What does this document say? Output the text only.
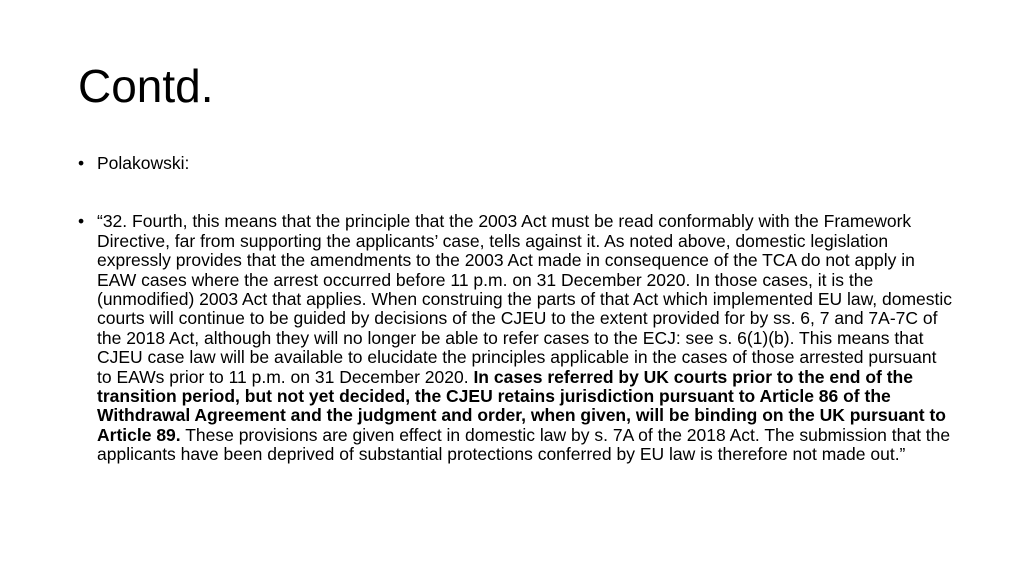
Contd.
• Polakowski:
• “32. Fourth, this means that the principle that the 2003 Act must be read conformably with the Framework Directive, far from supporting the applicants’ case, tells against it. As noted above, domestic legislation expressly provides that the amendments to the 2003 Act made in consequence of the TCA do not apply in EAW cases where the arrest occurred before 11 p.m. on 31 December 2020. In those cases, it is the (unmodified) 2003 Act that applies. When construing the parts of that Act which implemented EU law, domestic courts will continue to be guided by decisions of the CJEU to the extent provided for by ss. 6, 7 and 7A-7C of the 2018 Act, although they will no longer be able to refer cases to the ECJ: see s. 6(1)(b). This means that CJEU case law will be available to elucidate the principles applicable in the cases of those arrested pursuant to EAWs prior to 11 p.m. on 31 December 2020. In cases referred by UK courts prior to the end of the transition period, but not yet decided, the CJEU retains jurisdiction pursuant to Article 86 of the Withdrawal Agreement and the judgment and order, when given, will be binding on the UK pursuant to Article 89. These provisions are given effect in domestic law by s. 7A of the 2018 Act. The submission that the applicants have been deprived of substantial protections conferred by EU law is therefore not made out.”
